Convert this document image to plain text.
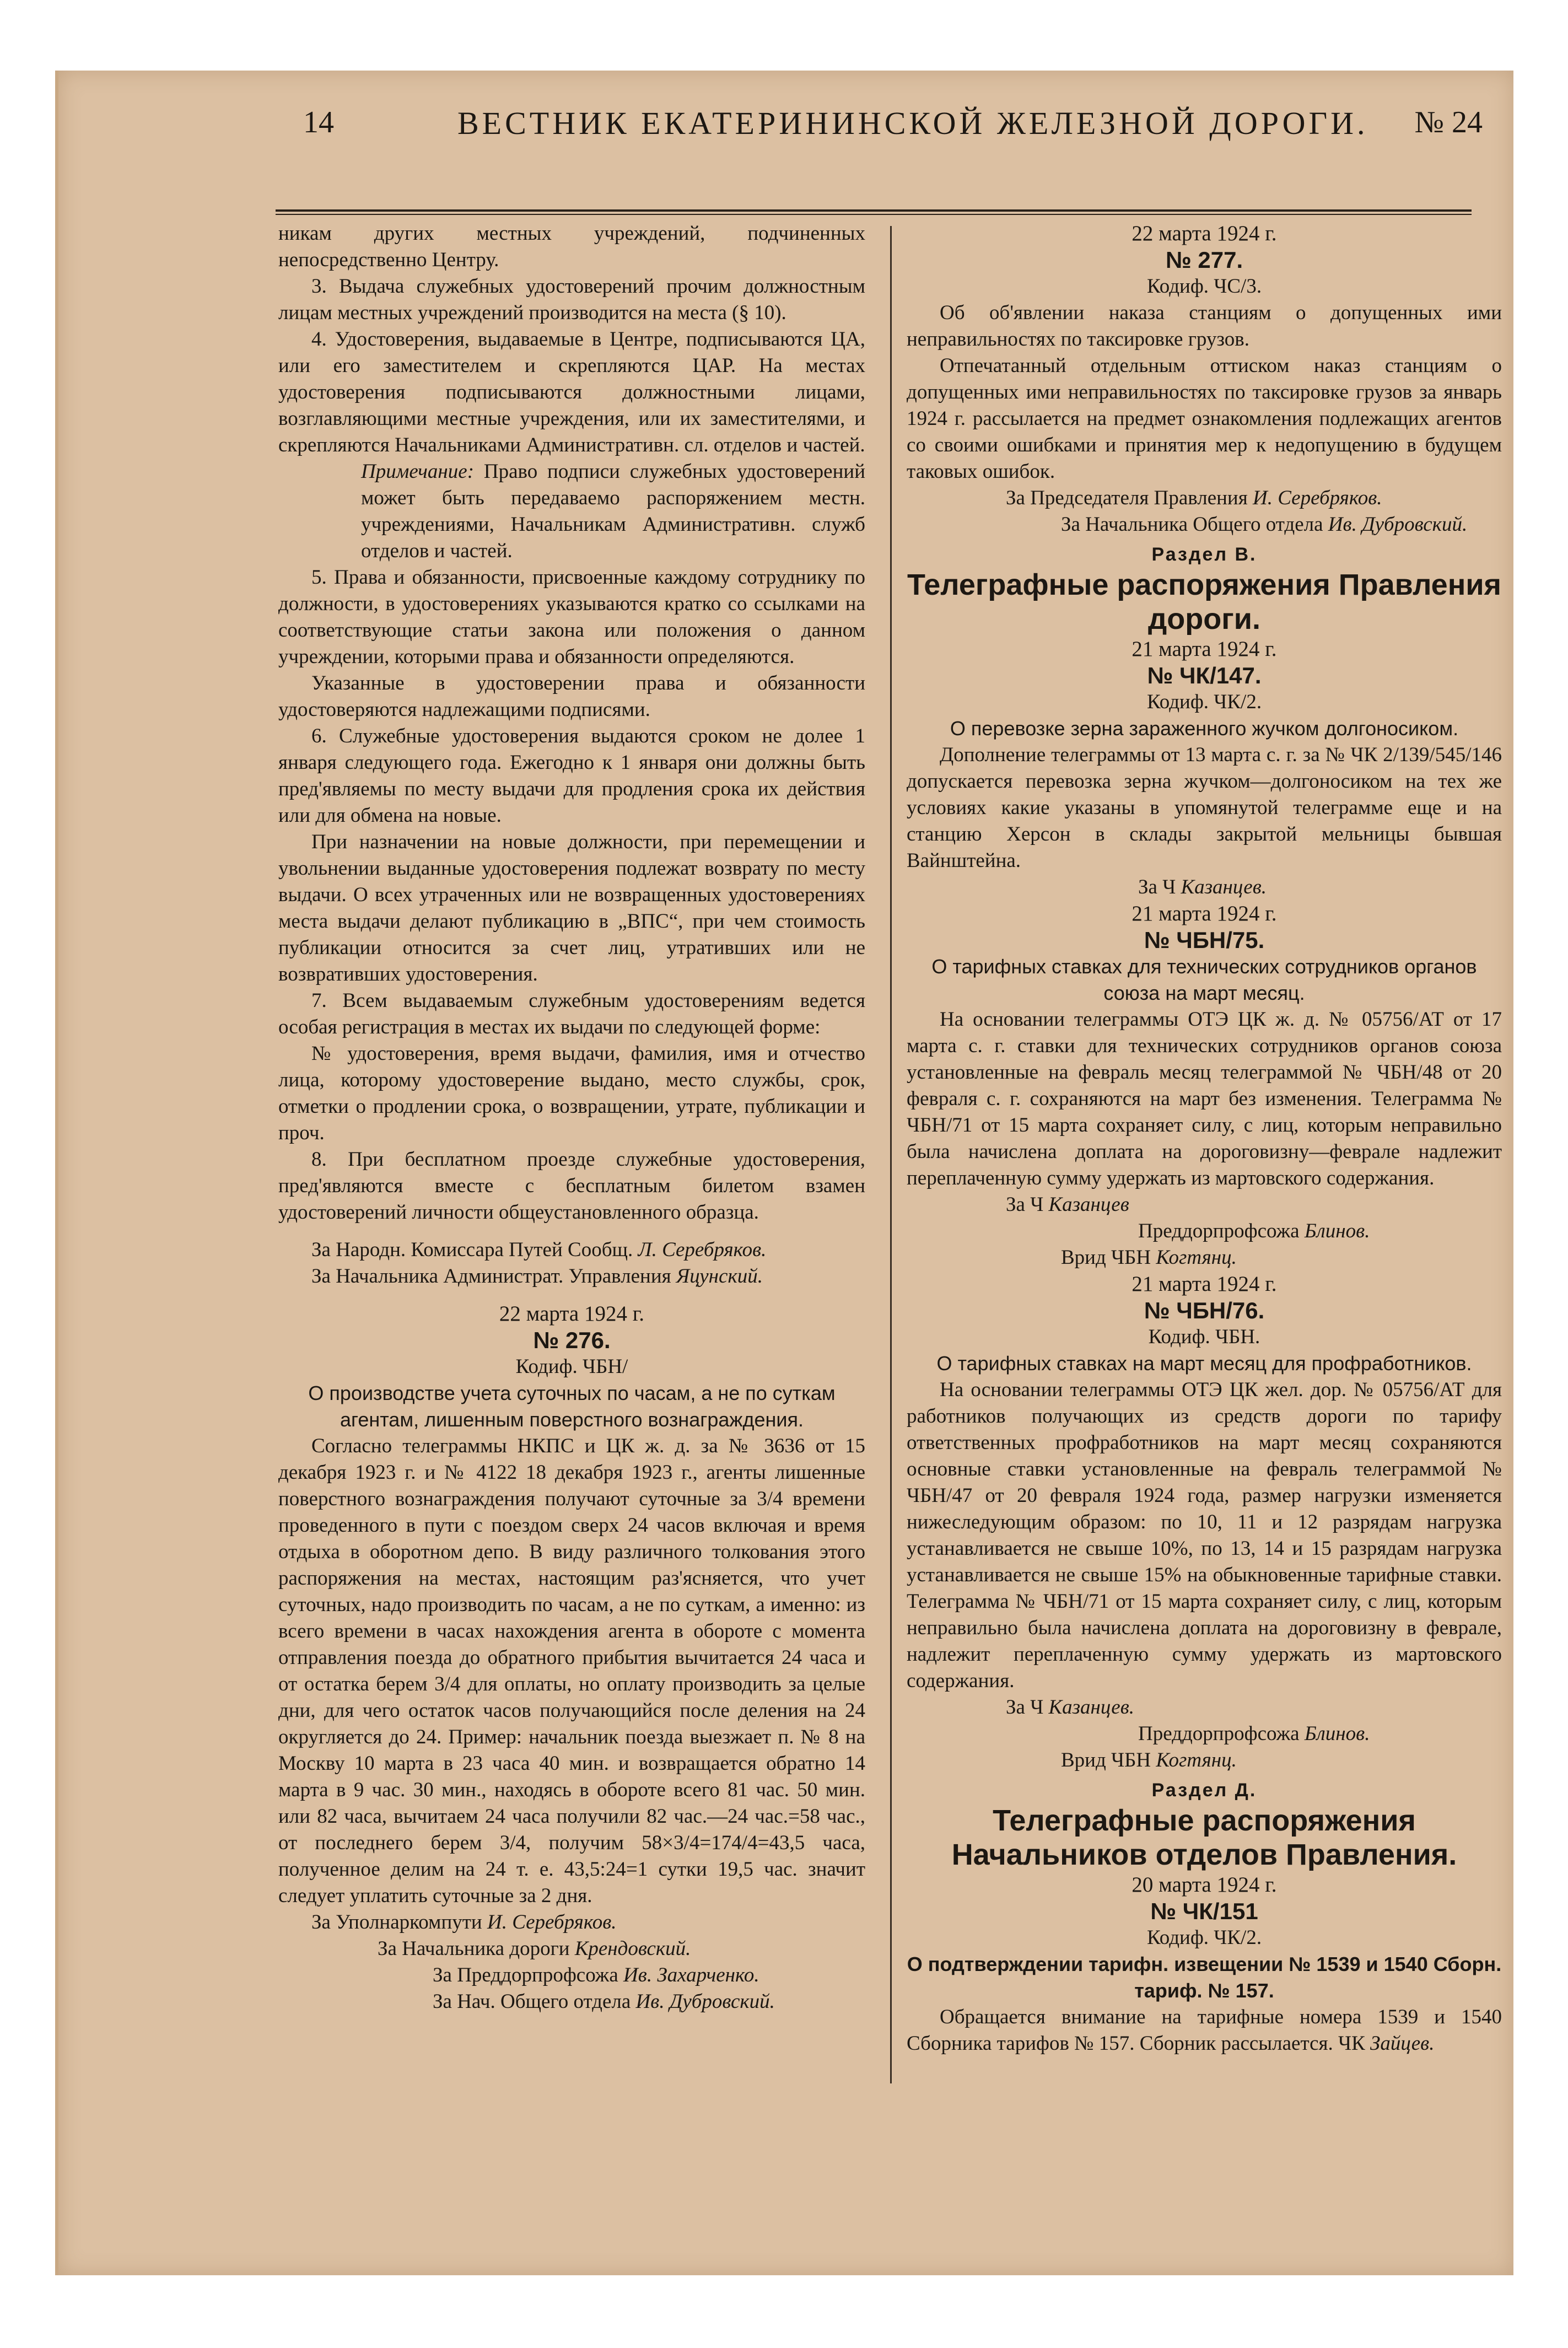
14	ВЕСТНИК ЕКАТЕРИНИНСКОЙ ЖЕЛЕЗНОЙ ДОРОГИ. № 24

никам других местных учреждений, подчиненных непосредственно Центру.

3. Выдача служебных удостоверений прочим должностным лицам местных учреждений производится на места (§ 10).

4. Удостоверения, выдаваемые в Центре, подписываются ЦА, или его заместителем и скрепляются ЦАР. На местах удостоверения подписываются должностными лицами, возглавляющими местные учреждения, или их заместителями, и скрепляются Начальниками Административн. сл. отделов и частей.

Примечание: Право подписи служебных удостоверений может быть передаваемо распоряжением местн. учреждениями, Начальникам Административн. служб отделов и частей.

5. Права и обязанности, присвоенные каждому сотруднику по должности, в удостоверениях указываются кратко со ссылками на соответствующие статьи закона или положения о данном учреждении, которыми права и обязанности определяются.

Указанные в удостоверении права и обязанности удостоверяются надлежащими подписями.

6. Служебные удостоверения выдаются сроком не долее 1 января следующего года. Ежегодно к 1 января они должны быть пред'являемы по месту выдачи для продления срока их действия или для обмена на новые.

При назначении на новые должности, при перемещении и увольнении выданные удостоверения подлежат возврату по месту выдачи. О всех утраченных или не возвращенных удостоверениях места выдачи делают публикацию в „ВПС“, при чем стоимость публикации относится за счет лиц, утративших или не возвративших удостоверения.

7. Всем выдаваемым служебным удостоверениям ведется особая регистрация в местах их выдачи по следующей форме:

№ удостоверения, время выдачи, фамилия, имя и отчество лица, которому удостоверение выдано, место службы, срок, отметки о продлении срока, о возвращении, утрате, публикации и проч.

8. При бесплатном проезде служебные удостоверения, пред'являются вместе с бесплатным билетом взамен удостоверений личности общеустановленного образца.

За Народн. Комиссара Путей Сообщ. Л. Серебряков.

За Начальника Администрат. Управления Яцунский.

22 марта 1924 г.

№ 276.

Кодиф. ЧБН/

О производстве учета суточных по часам, а не по суткам агентам, лишенным поверстного вознаграждения.

Согласно телеграммы НКПС и ЦК ж. д. за № 3636 от 15 декабря 1923 г. и № 4122 18 декабря 1923 г., агенты лишенные поверстного вознаграждения получают суточные за 3/4 времени проведенного в пути с поездом сверх 24 часов включая и время отдыха в оборотном депо. В виду различного толкования этого распоряжения на местах, настоящим раз'ясняется, что учет суточных, надо производить по часам, а не по суткам, а именно: из всего времени в часах нахождения агента в обороте с момента отправления поезда до обратного прибытия вычитается 24 часа и от остатка берем 3/4 для оплаты, но оплату производить за целые дни, для чего остаток часов получающийся после деления на 24 округляется до 24. Пример: начальник поезда выезжает п. № 8 на Москву 10 марта в 23 часа 40 мин. и возвращается обратно 14 марта в 9 час. 30 мин., находясь в обороте всего 81 час. 50 мин. или 82 часа, вычитаем 24 часа получили 82 час.—24 час.=58 час., от последнего берем 3/4, получим 58×3/4=174/4=43,5 часа, полученное делим на 24 т. е. 43,5:24=1 сутки 19,5 час. значит следует уплатить суточные за 2 дня.

За Уполнаркомпути И. Серебряков.

За Начальника дороги Крендовский.

За Преддорпрофсожа Ив. Захарченко.

За Нач. Общего отдела Ив. Дубровский.

22 марта 1924 г.

№ 277.

Кодиф. ЧС/3.

Об об'явлении наказа станциям о допущенных ими неправильностях по таксировке грузов.

Отпечатанный отдельным оттиском наказ станциям о допущенных ими неправильностях по таксировке грузов за январь 1924 г. рассылается на предмет ознакомления подлежащих агентов со своими ошибками и принятия мер к недопущению в будущем таковых ошибок.

За Председателя Правления И. Серебряков.

За Начальника Общего отдела Ив. Дубровский.

Раздел В.

Телеграфные распоряжения Правления дороги.

21 марта 1924 г.

№ ЧК/147.

Кодиф. ЧК/2.

О перевозке зерна зараженного жучком долгоносиком.

Дополнение телеграммы от 13 марта с. г. за № ЧК 2/139/545/146 допускается перевозка зерна жучком—долгоносиком на тех же условиях какие указаны в упомянутой телеграмме еще и на станцию Херсон в склады закрытой мельницы бывшая Вайнштейна.

За Ч Казанцев.

21 марта 1924 г.

№ ЧБН/75.

О тарифных ставках для технических сотрудников органов союза на март месяц.

На основании телеграммы ОТЭ ЦК ж. д. № 05756/АТ от 17 марта с. г. ставки для технических сотрудников органов союза установленные на февраль месяц телеграммой № ЧБН/48 от 20 февраля с. г. сохраняются на март без изменения. Телеграмма № ЧБН/71 от 15 марта сохраняет силу, с лиц, которым неправильно была начислена доплата на дороговизну—феврале надлежит переплаченную сумму удержать из мартовского содержания.

За Ч Казанцев

Преддорпрофсожа Блинов.

Врид ЧБН Когтянц.

21 марта 1924 г.

№ ЧБН/76.

Кодиф. ЧБН.

О тарифных ставках на март месяц для профработников.

На основании телеграммы ОТЭ ЦК жел. дор. № 05756/АТ для работников получающих из средств дороги по тарифу ответственных профработников на март месяц сохраняются основные ставки установленные на февраль телеграммой № ЧБН/47 от 20 февраля 1924 года, размер нагрузки изменяется нижеследующим образом: по 10, 11 и 12 разрядам нагрузка устанавливается не свыше 10%, по 13, 14 и 15 разрядам нагрузка устанавливается не свыше 15% на обыкновенные тарифные ставки. Телеграмма № ЧБН/71 от 15 марта сохраняет силу, с лиц, которым неправильно была начислена доплата на дороговизну в феврале, надлежит переплаченную сумму удержать из мартовского содержания.

За Ч Казанцев.

Преддорпрофсожа Блинов.

Врид ЧБН Когтянц.

Раздел Д.

Телеграфные распоряжения Начальников отделов Правления.

20 марта 1924 г.

№ ЧК/151

Кодиф. ЧК/2.

О подтверждении тарифн. извещении № 1539 и 1540 Сборн. тариф. № 157.

Обращается внимание на тарифные номера 1539 и 1540 Сборника тарифов № 157. Сборник рассылается. ЧК Зайцев.
